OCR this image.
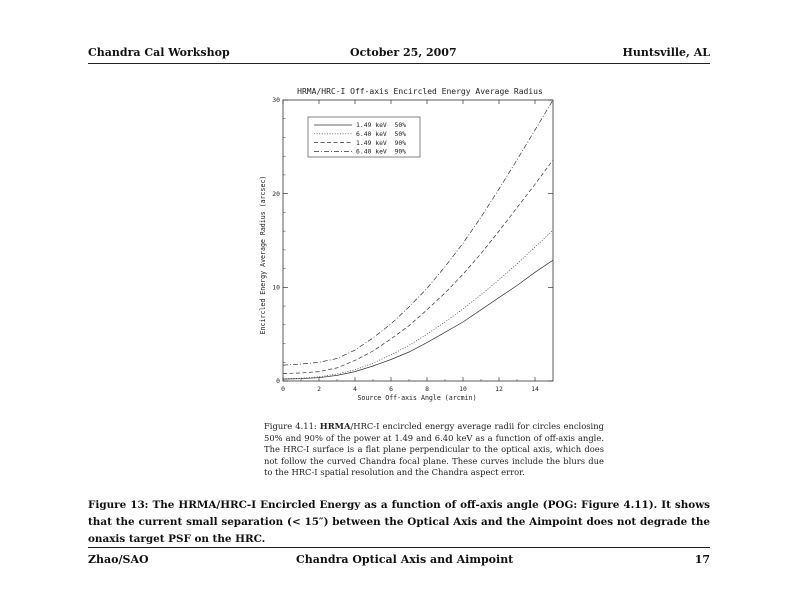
Chandra Cal Workshop	October 25, 2007	Huntsville, AL
HRMA/HRC-I Off-axis Encircled Energy Average Radius
Source Off-axis Angle (arcmin)
Encircled Energy Average Radius (arcsec)
0	2	4	6	8	10	12	14
0
10
20
30
1.49 keV  50%
6.40 keV  50%
1.49 keV  90%
6.40 keV  90%
Figure 4.11: HRMA/HRC-I encircled energy average radii for circles enclosing 50% and 90% of the power at 1.49 and 6.40 keV as a function of off-axis angle. The HRC-I surface is a flat plane perpendicular to the optical axis, which does not follow the curved Chandra focal plane. These curves include the blurs due to the HRC-I spatial resolution and the Chandra aspect error.
Figure 13: The HRMA/HRC-I Encircled Energy as a function of off-axis angle (POG: Figure 4.11). It shows that the current small separation (< 15″) between the Optical Axis and the Aimpoint does not degrade the onaxis target PSF on the HRC.
Zhao/SAO	Chandra Optical Axis and Aimpoint	17
